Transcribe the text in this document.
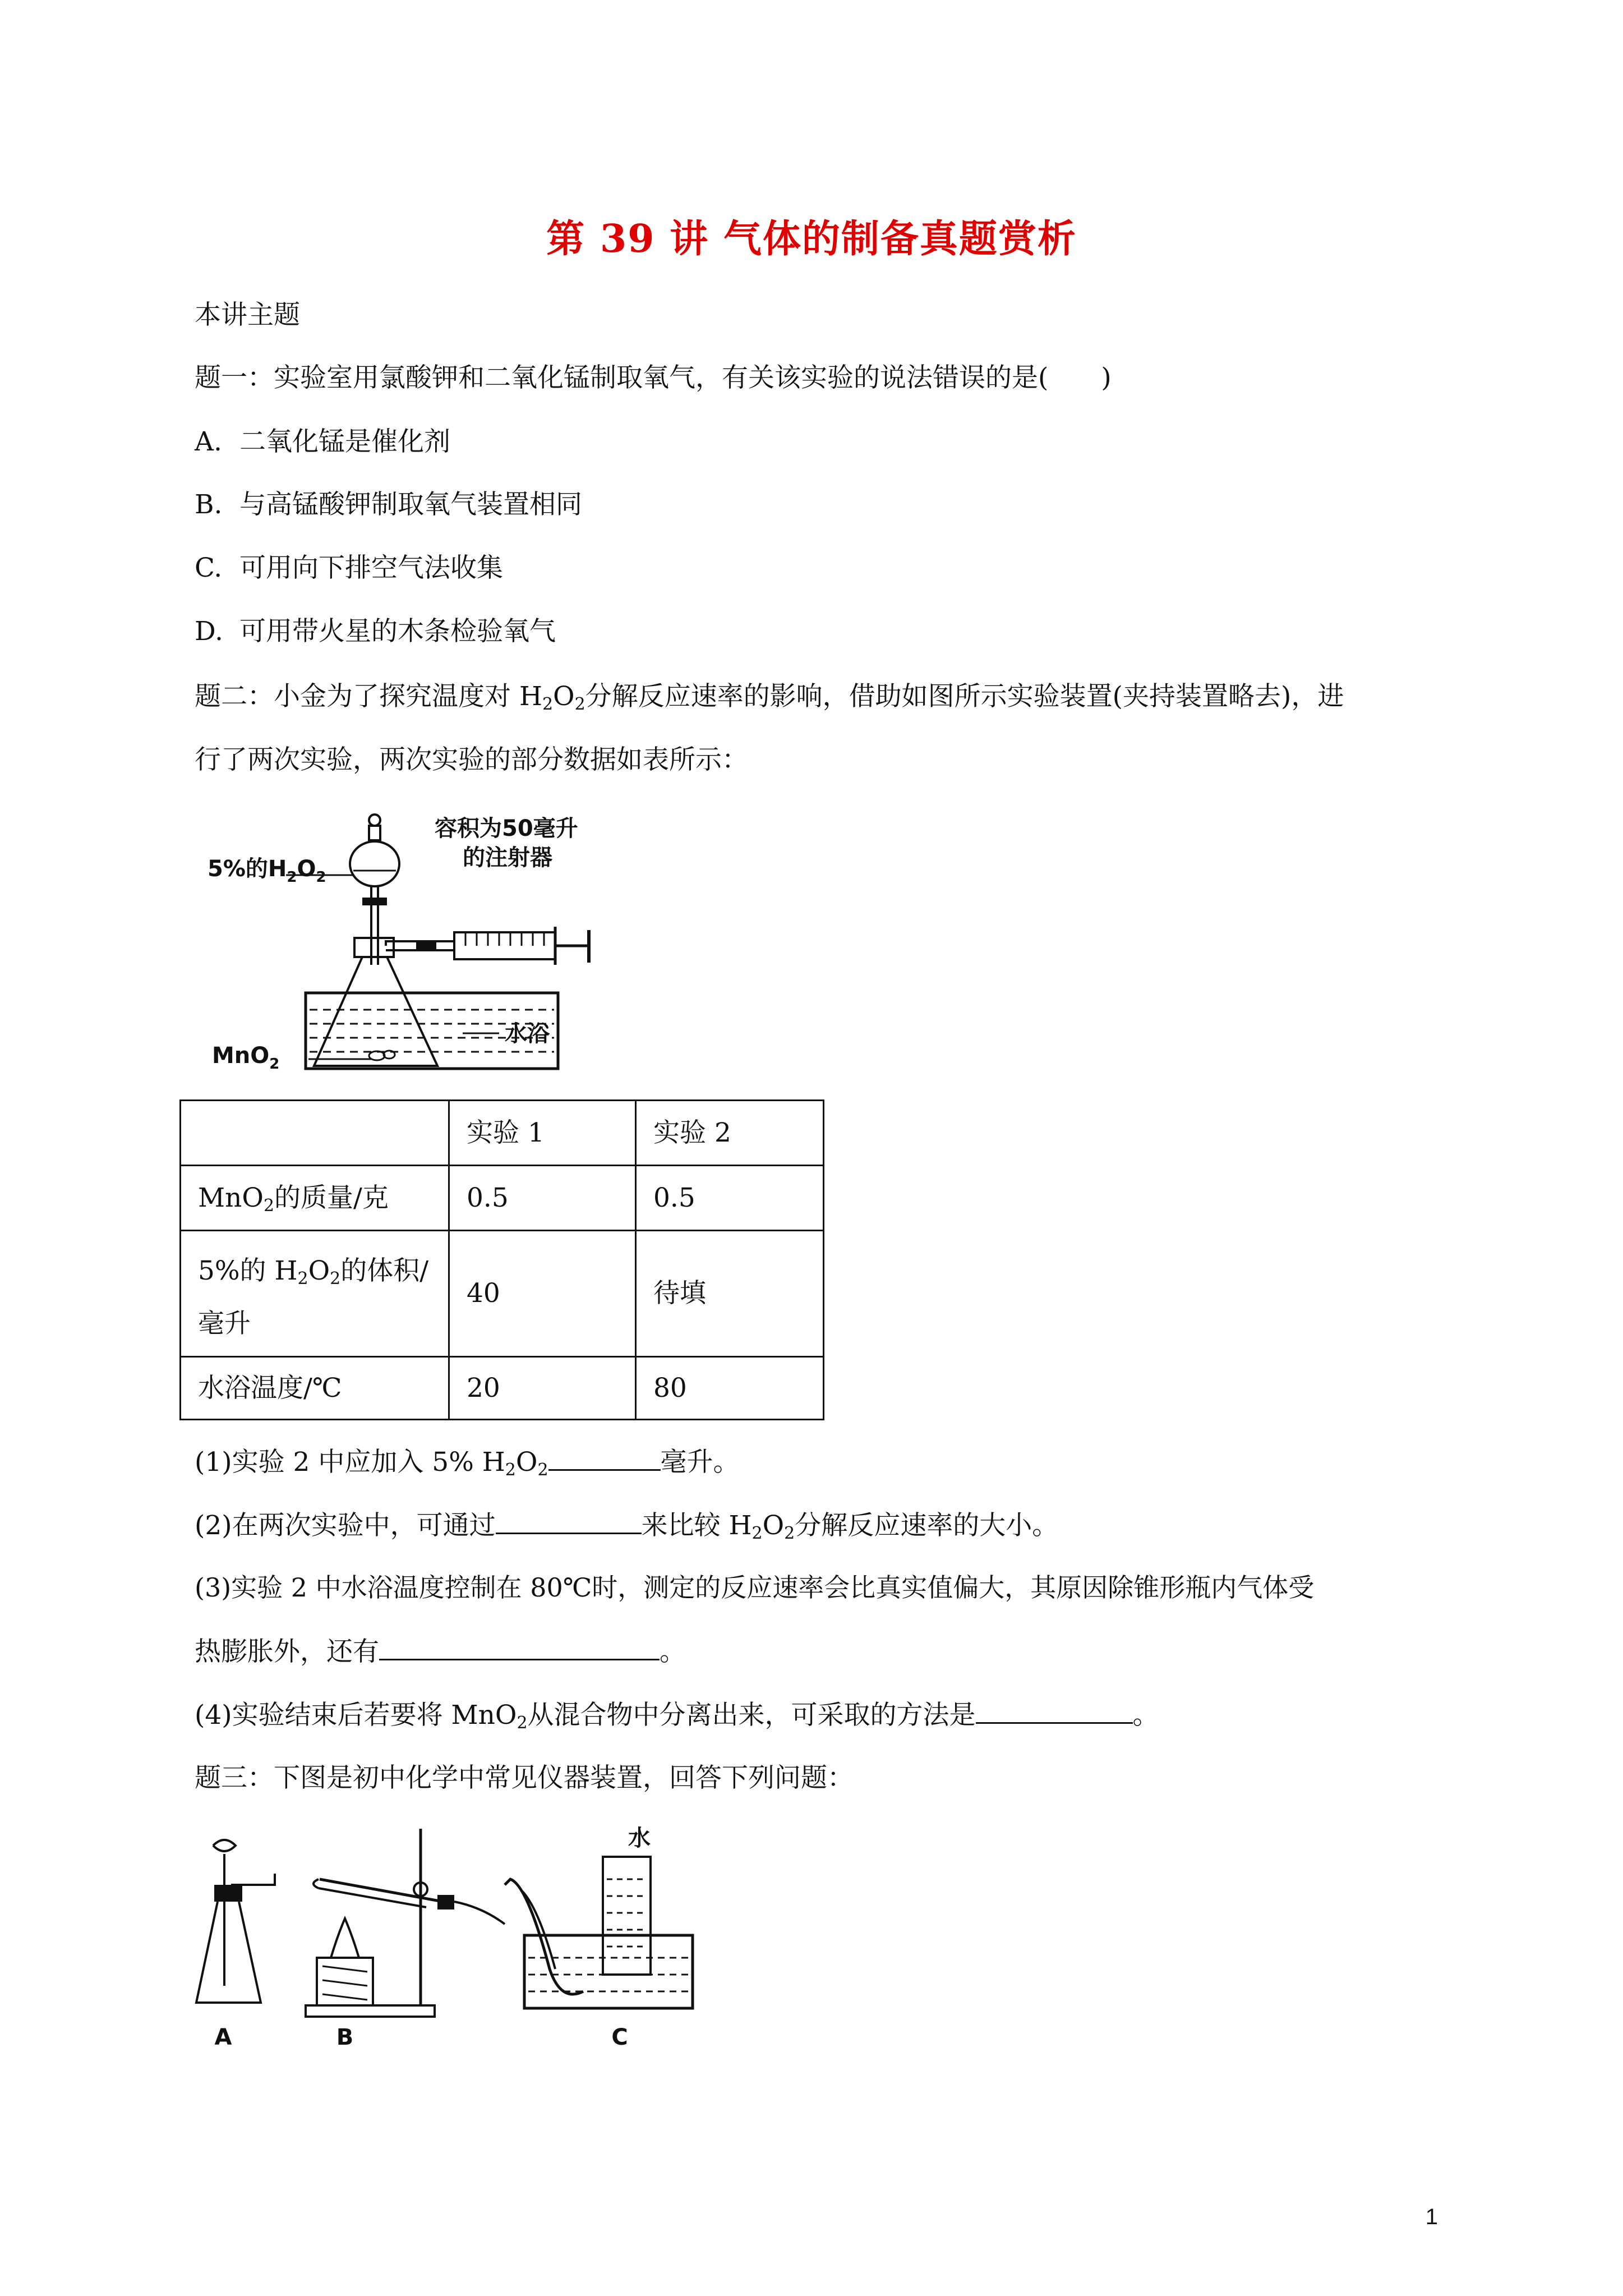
第 39 讲 气体的制备真题赏析
本讲主题
题一：实验室用氯酸钾和二氧化锰制取氧气，有关该实验的说法错误的是(　　)
A. 二氧化锰是催化剂
B. 与高锰酸钾制取氧气装置相同
C. 可用向下排空气法收集
D. 可用带火星的木条检验氧气
题二：小金为了探究温度对 $H_2O_2$分解反应速率的影响，借助如图所示实验装置(夹持装置略去)，进
行了两次实验，两次实验的部分数据如表所示：
5%的$H_2O_2$
容积为50毫升
的注射器
MnO$_2$
水浴
	实验 1	实验 2
MnO$_2$的质量/克	0.5	0.5

5%的 $H_2O_2$的体积/
毫升	40	待填
水浴温度/℃	20	80
(1)实验 2 中应加入 5% $H_2O_2$	毫升。
(2)在两次实验中，可通过	来比较 $H_2O_2$分解反应速率的大小。
(3)实验 2 中水浴温度控制在 80℃时，测定的反应速率会比真实值偏大，其原因除锥形瓶内气体受
热膨胀外，还有	。
(4)实验结束后若要将 MnO$_2$从混合物中分离出来，可采取的方法是	。
题三：下图是初中化学中常见仪器装置，回答下列问题：
水
A	B	C
1
